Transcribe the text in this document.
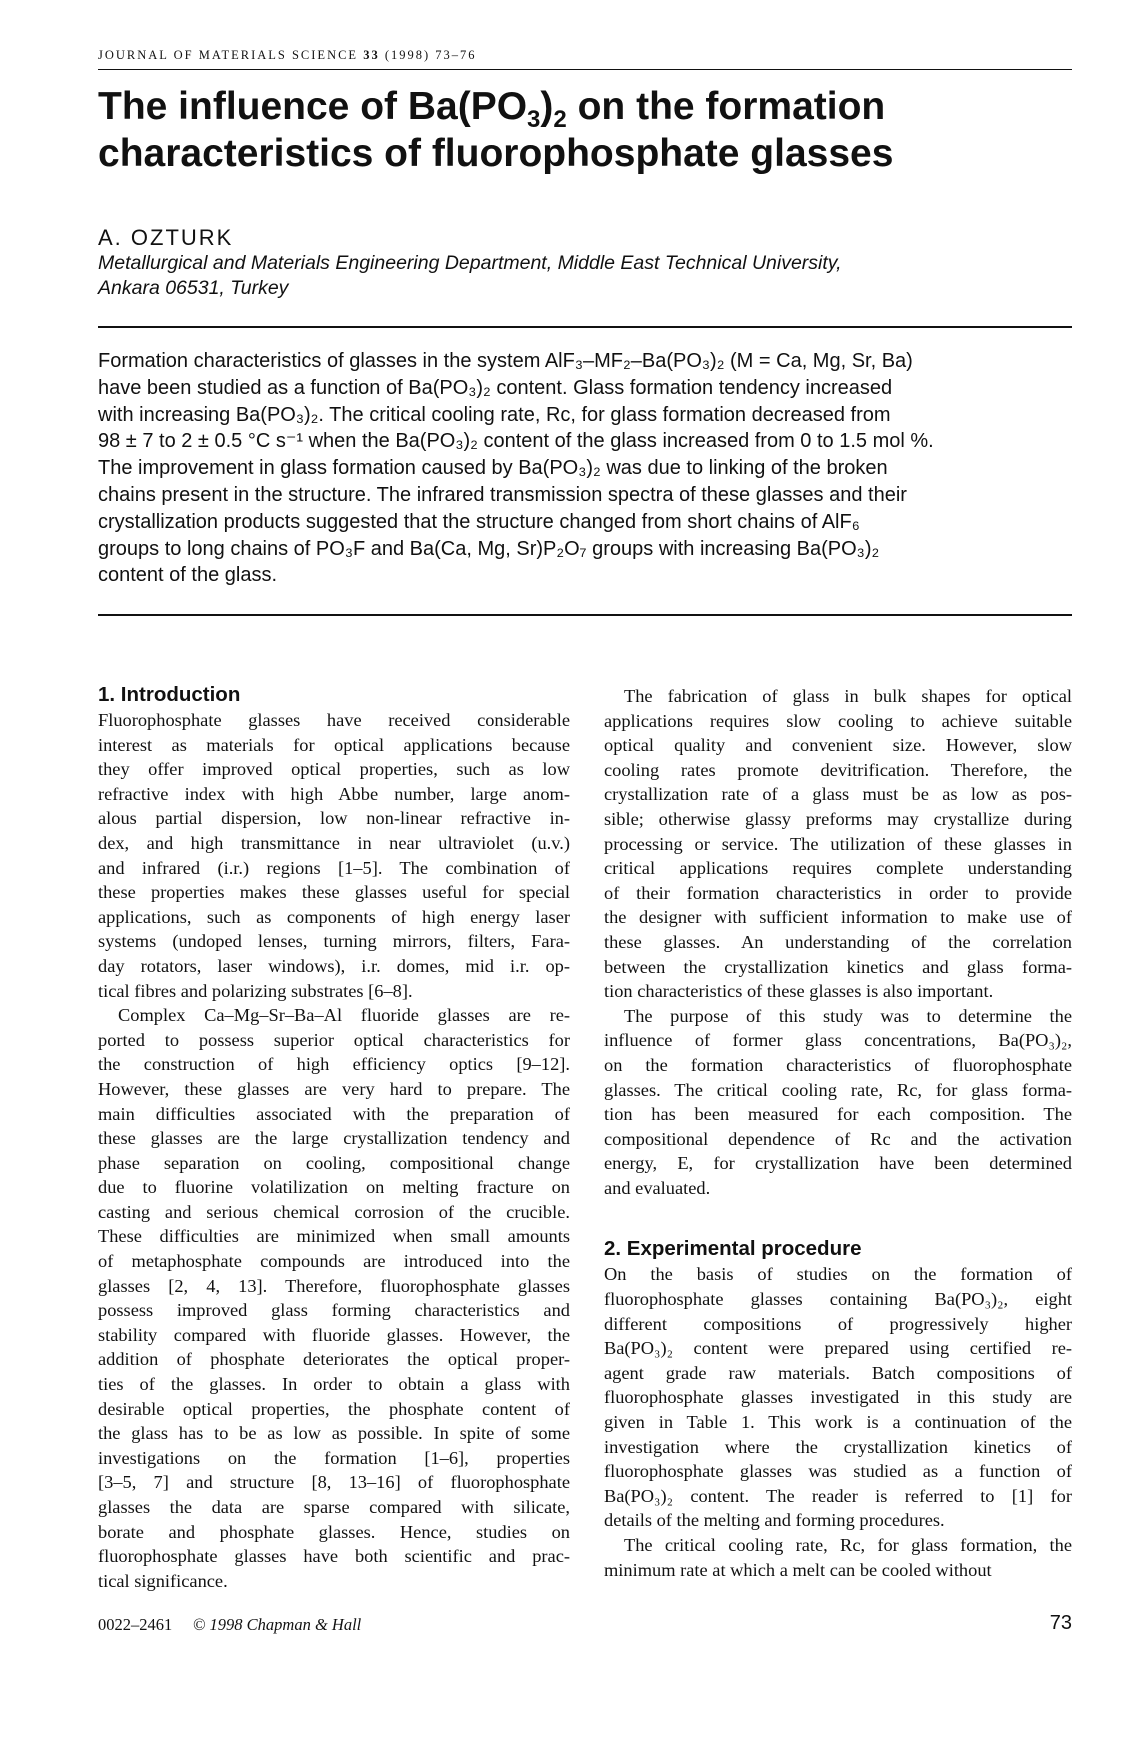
JOURNAL OF MATERIALS SCIENCE 33 (1998) 73–76
The influence of $Ba(PO_3)_2$ on the formation
characteristics of fluorophosphate glasses

A. OZTURK

Metallurgical and Materials Engineering Department, Middle East Technical University,
Ankara 06531, Turkey

Formation characteristics of glasses in the system AlF₃–MF₂–Ba(PO₃)₂ (M = Ca, Mg, Sr, Ba)
have been studied as a function of Ba(PO₃)₂ content. Glass formation tendency increased
with increasing Ba(PO₃)₂. The critical cooling rate, Rc, for glass formation decreased from
98 ± 7 to 2 ± 0.5 °C s⁻¹ when the Ba(PO₃)₂ content of the glass increased from 0 to 1.5 mol %.
The improvement in glass formation caused by Ba(PO₃)₂ was due to linking of the broken
chains present in the structure. The infrared transmission spectra of these glasses and their
crystallization products suggested that the structure changed from short chains of AlF₆
groups to long chains of PO₃F and Ba(Ca, Mg, Sr)P₂O₇ groups with increasing Ba(PO₃)₂
content of the glass.
1. Introduction
Fluorophosphate glasses have received considerable
interest as materials for optical applications because
they offer improved optical properties, such as low
refractive index with high Abbe number, large anom-
alous partial dispersion, low non-linear refractive in-
dex, and high transmittance in near ultraviolet (u.v.)
and infrared (i.r.) regions [1–5]. The combination of
these properties makes these glasses useful for special
applications, such as components of high energy laser
systems (undoped lenses, turning mirrors, filters, Fara-
day rotators, laser windows), i.r. domes, mid i.r. op-
tical fibres and polarizing substrates [6–8].
Complex Ca–Mg–Sr–Ba–Al fluoride glasses are re-
ported to possess superior optical characteristics for
the construction of high efficiency optics [9–12].
However, these glasses are very hard to prepare. The
main difficulties associated with the preparation of
these glasses are the large crystallization tendency and
phase separation on cooling, compositional change
due to fluorine volatilization on melting fracture on
casting and serious chemical corrosion of the crucible.
These difficulties are minimized when small amounts
of metaphosphate compounds are introduced into the
glasses [2, 4, 13]. Therefore, fluorophosphate glasses
possess improved glass forming characteristics and
stability compared with fluoride glasses. However, the
addition of phosphate deteriorates the optical proper-
ties of the glasses. In order to obtain a glass with
desirable optical properties, the phosphate content of
the glass has to be as low as possible. In spite of some
investigations on the formation [1–6], properties
[3–5, 7] and structure [8, 13–16] of fluorophosphate
glasses the data are sparse compared with silicate,
borate and phosphate glasses. Hence, studies on
fluorophosphate glasses have both scientific and prac-
tical significance.
The fabrication of glass in bulk shapes for optical
applications requires slow cooling to achieve suitable
optical quality and convenient size. However, slow
cooling rates promote devitrification. Therefore, the
crystallization rate of a glass must be as low as pos-
sible; otherwise glassy preforms may crystallize during
processing or service. The utilization of these glasses in
critical applications requires complete understanding
of their formation characteristics in order to provide
the designer with sufficient information to make use of
these glasses. An understanding of the correlation
between the crystallization kinetics and glass forma-
tion characteristics of these glasses is also important.
The purpose of this study was to determine the
influence of former glass concentrations, Ba(PO₃)₂,
on the formation characteristics of fluorophosphate
glasses. The critical cooling rate, Rc, for glass forma-
tion has been measured for each composition. The
compositional dependence of Rc and the activation
energy, E, for crystallization have been determined
and evaluated.
2. Experimental procedure
On the basis of studies on the formation of
fluorophosphate glasses containing Ba(PO₃)₂, eight
different compositions of progressively higher
Ba(PO₃)₂ content were prepared using certified re-
agent grade raw materials. Batch compositions of
fluorophosphate glasses investigated in this study are
given in Table 1. This work is a continuation of the
investigation where the crystallization kinetics of
fluorophosphate glasses was studied as a function of
Ba(PO₃)₂ content. The reader is referred to [1] for
details of the melting and forming procedures.
The critical cooling rate, Rc, for glass formation, the
minimum rate at which a melt can be cooled without
0022–2461 © 1998 Chapman & Hall	73
